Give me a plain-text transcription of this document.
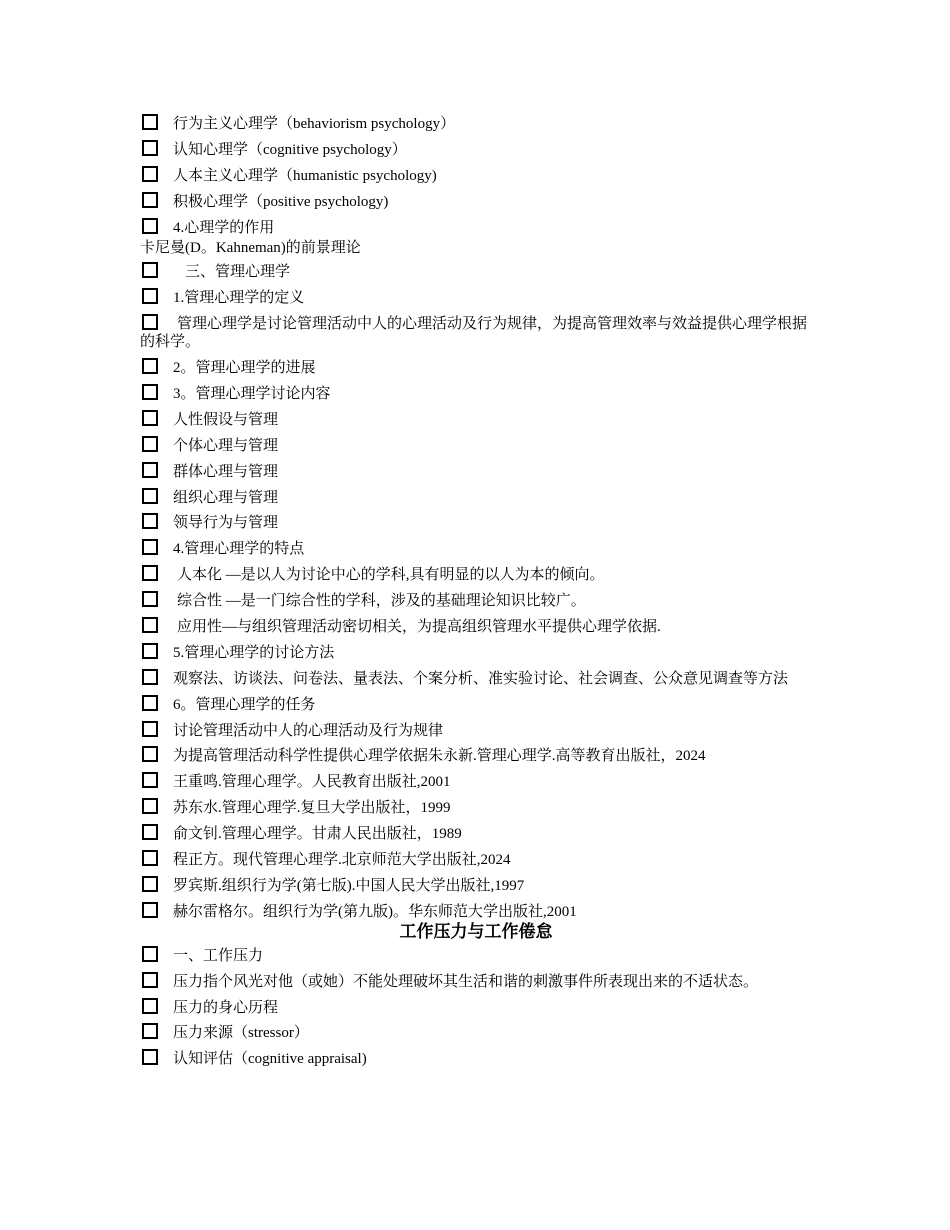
行为主义心理学（behaviorism psychology）
认知心理学（cognitive psychology）
人本主义心理学（humanistic psychology)
积极心理学（positive psychology)
4.心理学的作用
卡尼曼(D。Kahneman)的前景理论
三、管理心理学
1.管理心理学的定义
管理心理学是讨论管理活动中人的心理活动及行为规律，为提高管理效率与效益提供心理学根据的科学。
2。管理心理学的进展
3。管理心理学讨论内容
人性假设与管理
个体心理与管理
群体心理与管理
组织心理与管理
领导行为与管理
4.管理心理学的特点
人本化 —是以人为讨论中心的学科,具有明显的以人为本的倾向。
综合性 —是一门综合性的学科，涉及的基础理论知识比较广。
应用性—与组织管理活动密切相关，为提高组织管理水平提供心理学依据.
5.管理心理学的讨论方法
观察法、访谈法、问卷法、量表法、个案分析、准实验讨论、社会调查、公众意见调查等方法
6。管理心理学的任务
讨论管理活动中人的心理活动及行为规律
为提高管理活动科学性提供心理学依据朱永新.管理心理学.高等教育出版社，2024
王重鸣.管理心理学。人民教育出版社,2001
苏东水.管理心理学.复旦大学出版社，1999
俞文钊.管理心理学。甘肃人民出版社，1989
程正方。现代管理心理学.北京师范大学出版社,2024
罗宾斯.组织行为学(第七版).中国人民大学出版社,1997
赫尔雷格尔。组织行为学(第九版)。华东师范大学出版社,2001
工作压力与工作倦怠
一、工作压力
压力指个风光对他（或她）不能处理破坏其生活和谐的刺激事件所表现出来的不适状态。
压力的身心历程
压力来源（stressor）
认知评估（cognitive appraisal)
